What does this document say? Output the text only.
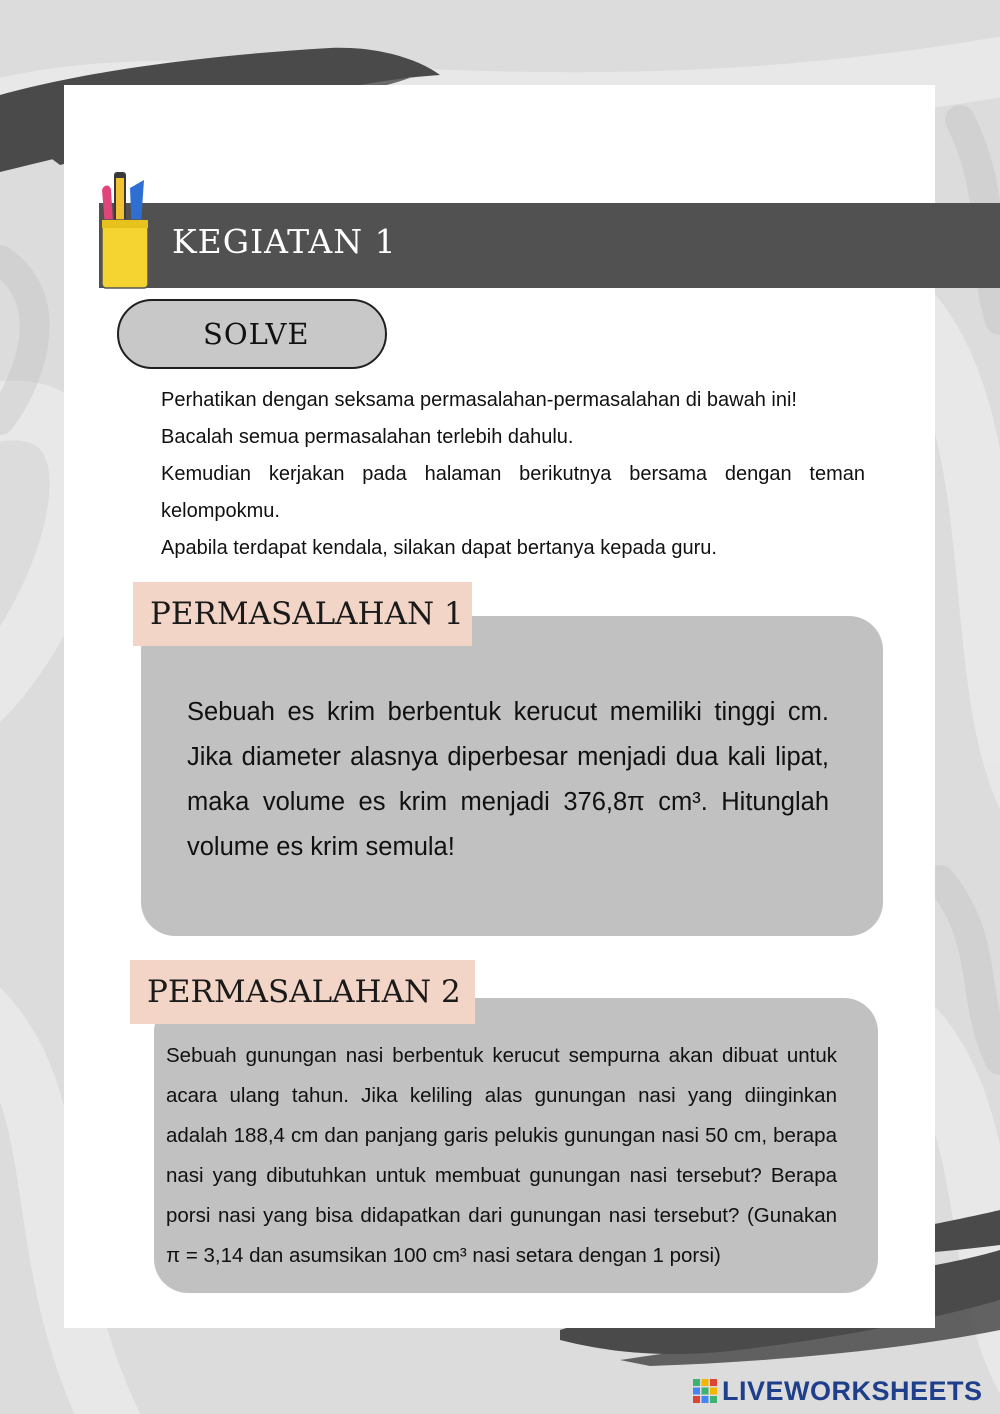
KEGIATAN 1
SOLVE

Perhatikan dengan seksama permasalahan-permasalahan di bawah ini!

Bacalah semua permasalahan terlebih dahulu.

Kemudian kerjakan pada halaman berikutnya bersama dengan teman kelompokmu.

Apabila terdapat kendala, silakan dapat bertanya kepada guru.

PERMASALAHAN 1
Sebuah es krim berbentuk kerucut memiliki tinggi cm. Jika diameter alasnya diperbesar menjadi dua kali lipat, maka volume es krim menjadi 376,8π cm³. Hitunglah volume es krim semula!
PERMASALAHAN 2
Sebuah gunungan nasi berbentuk kerucut sempurna akan dibuat untuk acara ulang tahun. Jika keliling alas gunungan nasi yang diinginkan adalah 188,4 cm dan panjang garis pelukis gunungan nasi 50 cm, berapa nasi yang dibutuhkan untuk membuat gunungan nasi tersebut? Berapa porsi nasi yang bisa didapatkan dari gunungan nasi tersebut? (Gunakan π = 3,14 dan asumsikan 100 cm³ nasi setara dengan 1 porsi)
LIVEWORKSHEETS
